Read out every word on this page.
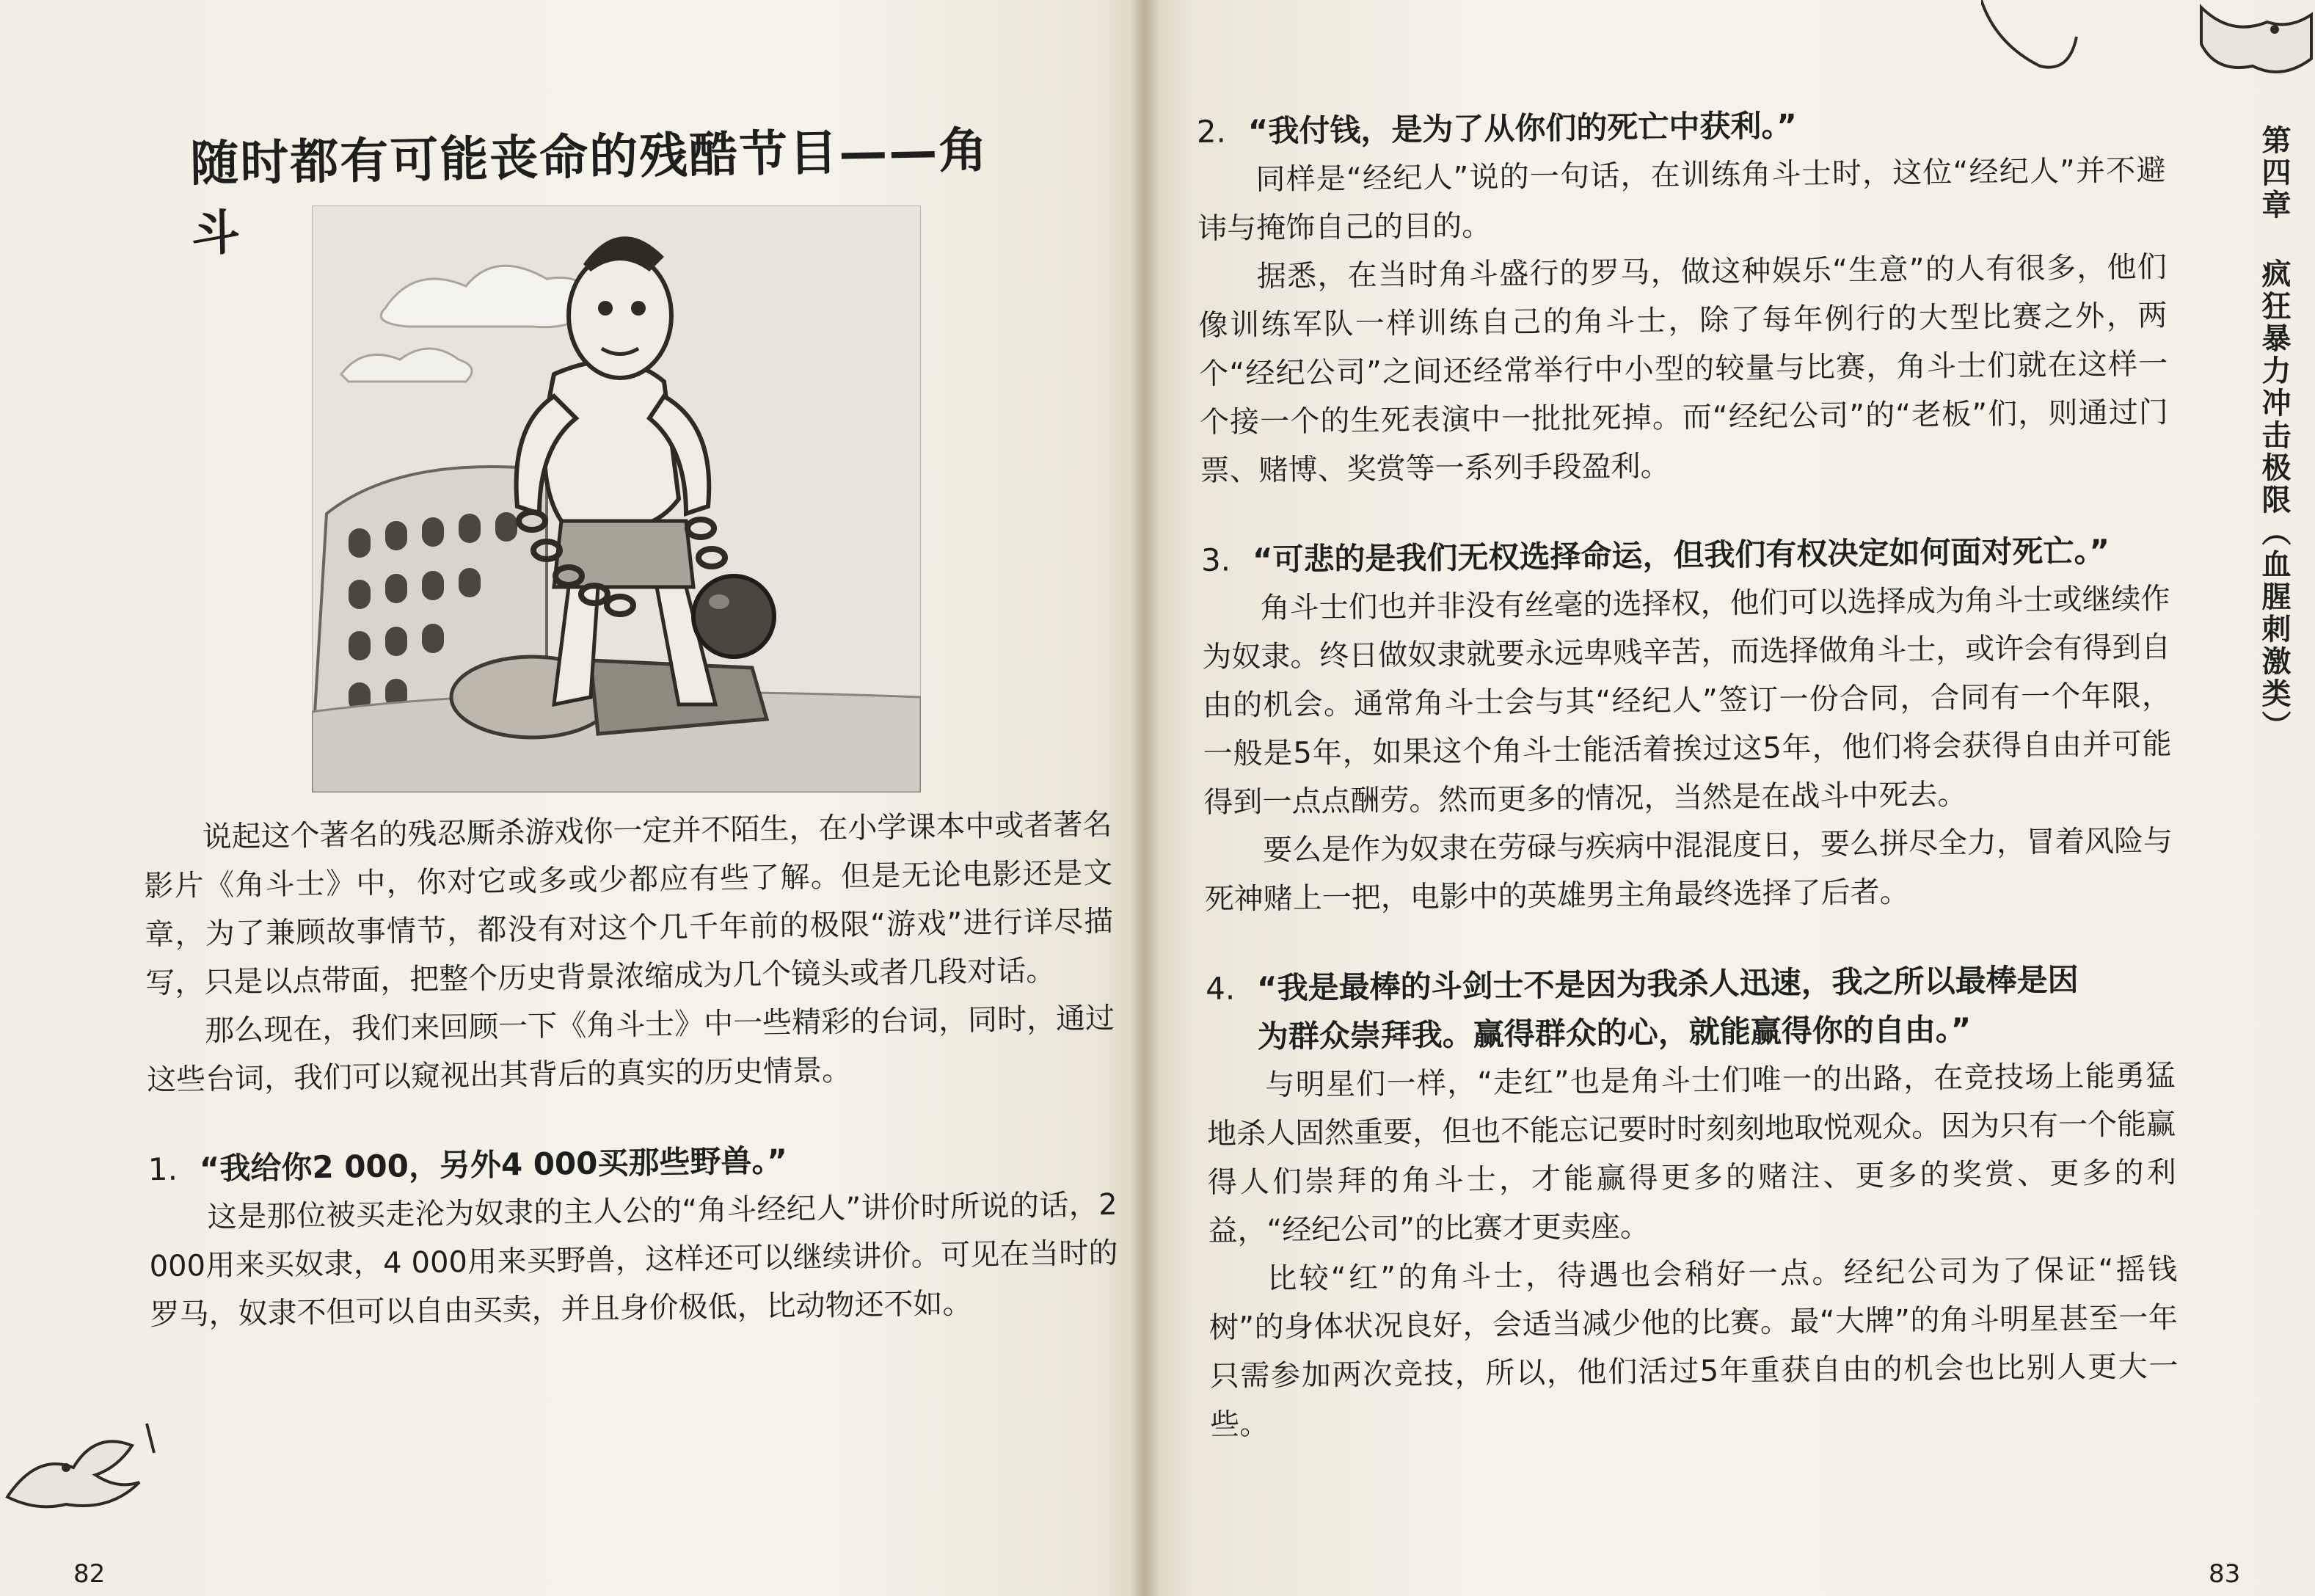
随时都有可能丧命的残酷节目——角斗

说起这个著名的残忍厮杀游戏你一定并不陌生，在小学课本中或者著名影片《角斗士》中，你对它或多或少都应有些了解。但是无论电影还是文章，为了兼顾故事情节，都没有对这个几千年前的极限“游戏”进行详尽描写，只是以点带面，把整个历史背景浓缩成为几个镜头或者几段对话。

那么现在，我们来回顾一下《角斗士》中一些精彩的台词，同时，通过这些台词，我们可以窥视出其背后的真实的历史情景。

1. “我给你2 000，另外4 000买那些野兽。”

这是那位被买走沦为奴隶的主人公的“角斗经纪人”讲价时所说的话，2 000用来买奴隶，4 000用来买野兽，这样还可以继续讲价。可见在当时的罗马，奴隶不但可以自由买卖，并且身价极低，比动物还不如。

82

2. “我付钱，是为了从你们的死亡中获利。”

同样是“经纪人”说的一句话，在训练角斗士时，这位“经纪人”并不避讳与掩饰自己的目的。

据悉，在当时角斗盛行的罗马，做这种娱乐“生意”的人有很多，他们像训练军队一样训练自己的角斗士，除了每年例行的大型比赛之外，两个“经纪公司”之间还经常举行中小型的较量与比赛，角斗士们就在这样一个接一个的生死表演中一批批死掉。而“经纪公司”的“老板”们，则通过门票、赌博、奖赏等一系列手段盈利。

3. “可悲的是我们无权选择命运，但我们有权决定如何面对死亡。”

角斗士们也并非没有丝毫的选择权，他们可以选择成为角斗士或继续作为奴隶。终日做奴隶就要永远卑贱辛苦，而选择做角斗士，或许会有得到自由的机会。通常角斗士会与其“经纪人”签订一份合同，合同有一个年限，一般是5年，如果这个角斗士能活着挨过这5年，他们将会获得自由并可能得到一点点酬劳。然而更多的情况，当然是在战斗中死去。

要么是作为奴隶在劳碌与疾病中混混度日，要么拼尽全力，冒着风险与死神赌上一把，电影中的英雄男主角最终选择了后者。

4. “我是最棒的斗剑士不是因为我杀人迅速，我之所以最棒是因
为群众崇拜我。赢得群众的心，就能赢得你的自由。”

与明星们一样，“走红”也是角斗士们唯一的出路，在竞技场上能勇猛地杀人固然重要，但也不能忘记要时时刻刻地取悦观众。因为只有一个能赢得人们崇拜的角斗士，才能赢得更多的赌注、更多的奖赏、更多的利益，“经纪公司”的比赛才更卖座。

比较“红”的角斗士，待遇也会稍好一点。经纪公司为了保证“摇钱树”的身体状况良好，会适当减少他的比赛。最“大牌”的角斗明星甚至一年只需参加两次竞技，所以，他们活过5年重获自由的机会也比别人更大一些。

第四章 疯狂暴力冲击极限（血腥刺激类）
83
